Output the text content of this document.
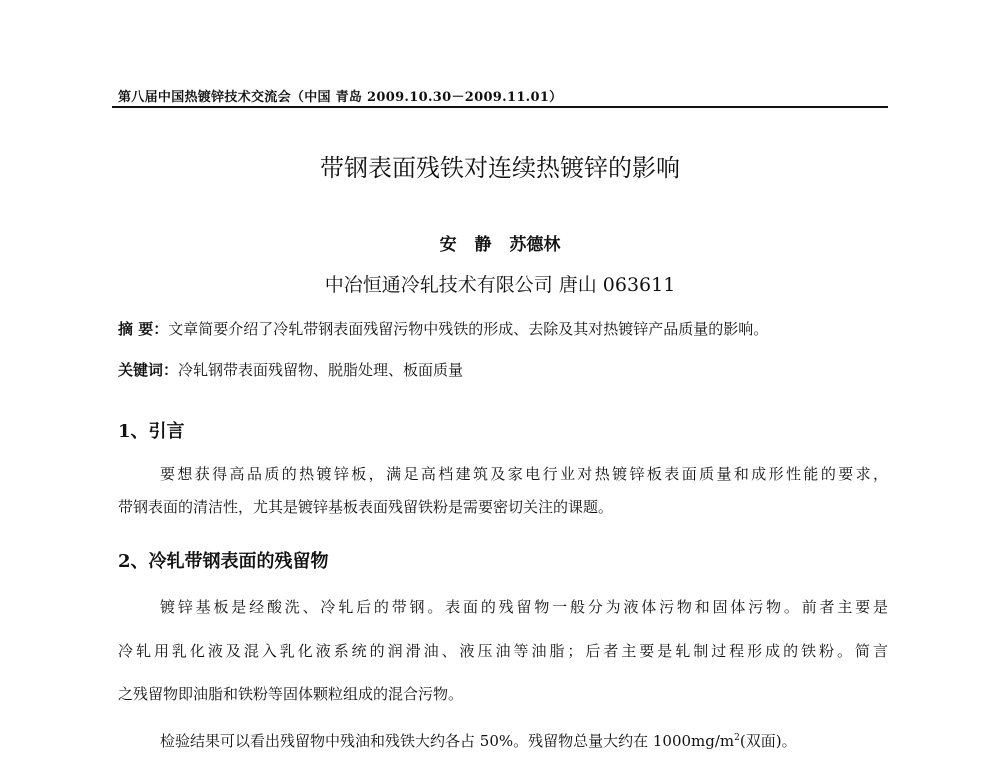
第八届中国热镀锌技术交流会（中国 青岛 2009.10.30－2009.11.01）
带钢表面残铁对连续热镀锌的影响
安 静 苏德林
中冶恒通冷轧技术有限公司 唐山 063611
摘 要：文章简要介绍了冷轧带钢表面残留污物中残铁的形成、去除及其对热镀锌产品质量的影响。
关键词：冷轧钢带表面残留物、脱脂处理、板面质量
1、引言
要想获得高品质的热镀锌板，满足高档建筑及家电行业对热镀锌板表面质量和成形性能的要求，
带钢表面的清洁性，尤其是镀锌基板表面残留铁粉是需要密切关注的课题。
2、冷轧带钢表面的残留物
镀锌基板是经酸洗、冷轧后的带钢。表面的残留物一般分为液体污物和固体污物。前者主要是
冷轧用乳化液及混入乳化液系统的润滑油、液压油等油脂；后者主要是轧制过程形成的铁粉。简言
之残留物即油脂和铁粉等固体颗粒组成的混合污物。
检验结果可以看出残留物中残油和残铁大约各占 50%。残留物总量大约在 $1000mg/m^2$(双面)。
